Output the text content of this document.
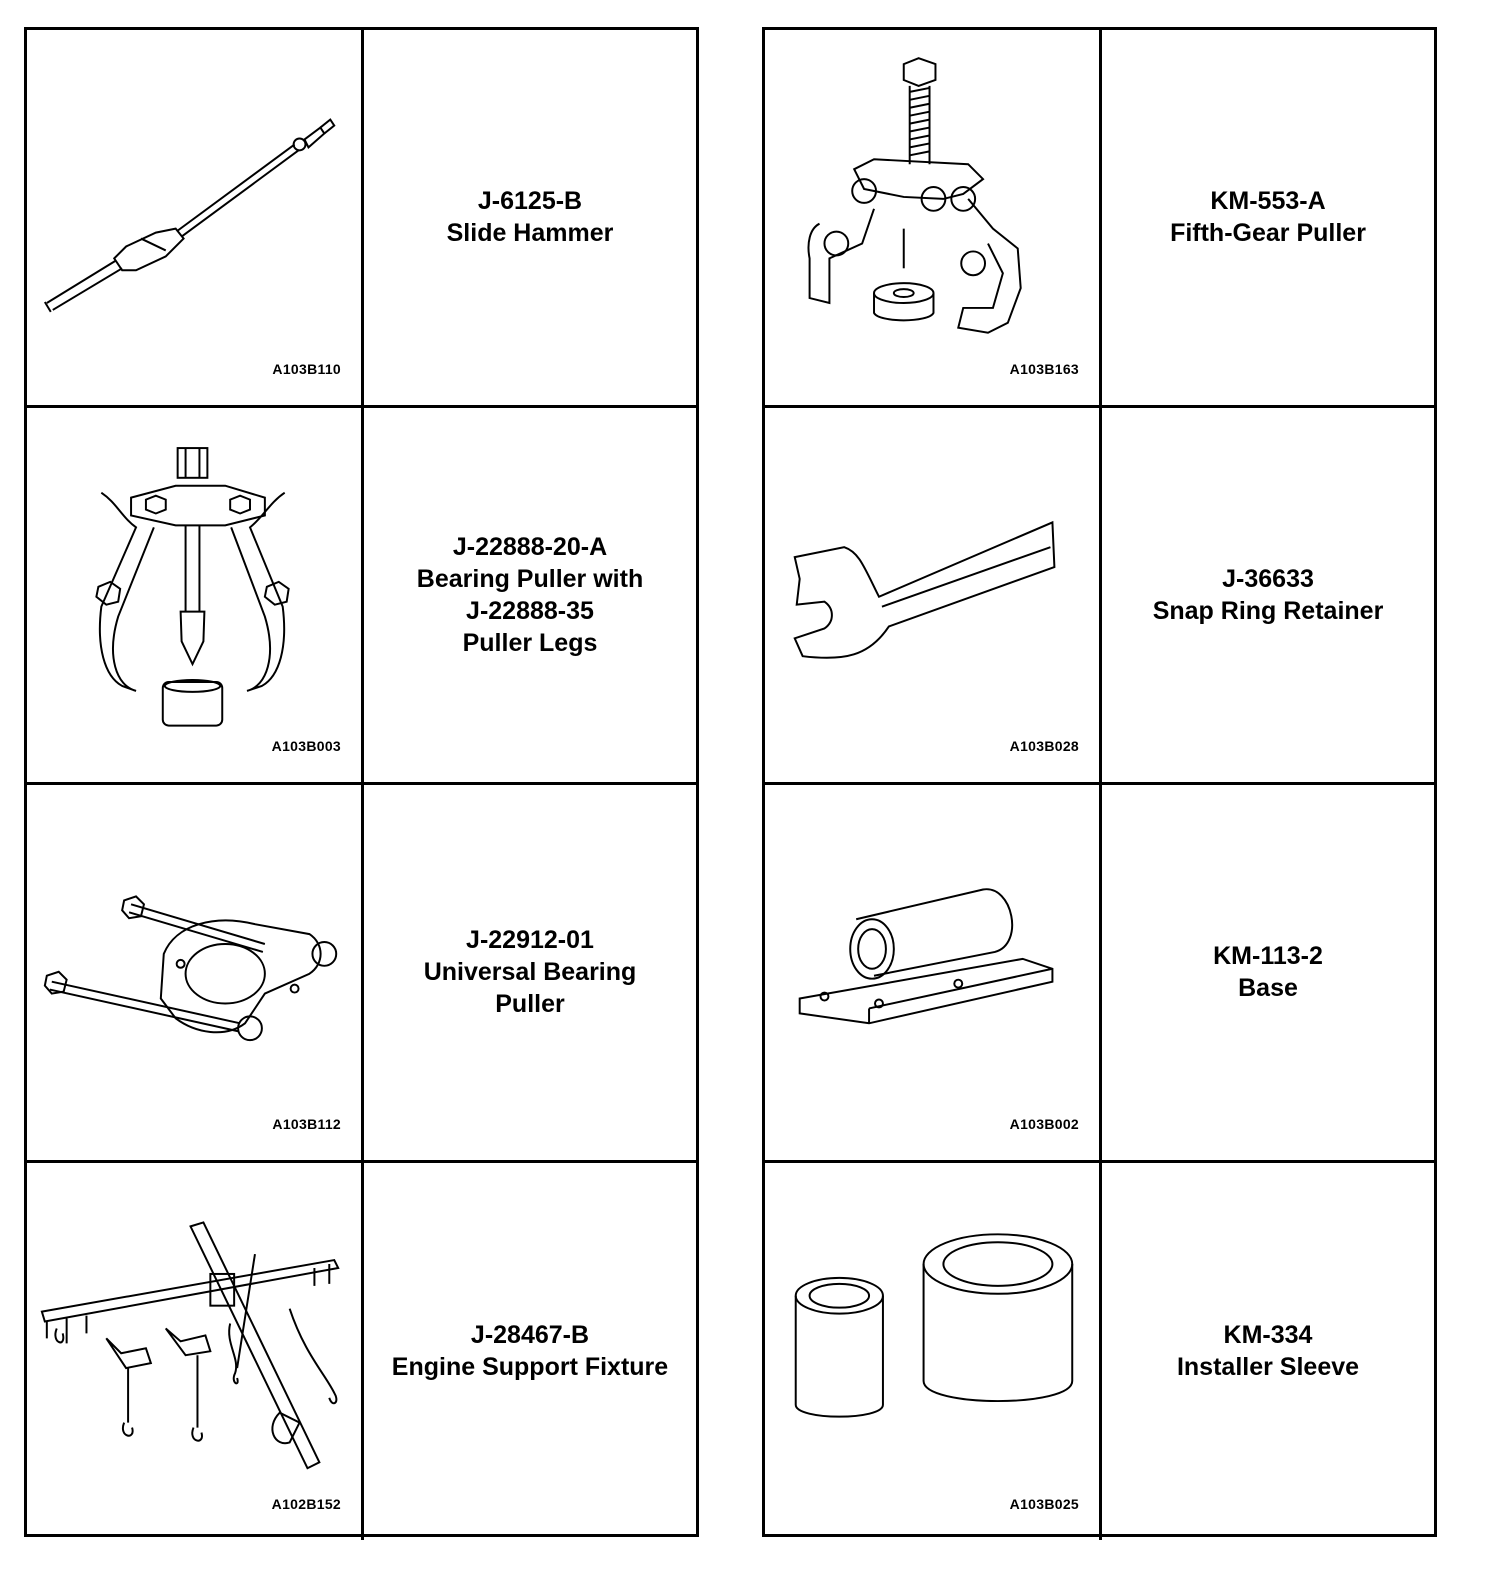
A103B110
J-6125-B
Slide Hammer
A103B003
J-22888-20-A
Bearing Puller with
J-22888-35
Puller Legs
A103B112
J-22912-01
Universal Bearing
Puller
A102B152
J-28467-B
Engine Support Fixture
A103B163
KM-553-A
Fifth-Gear Puller
A103B028
J-36633
Snap Ring Retainer
A103B002
KM-113-2
Base
A103B025
KM-334
Installer Sleeve
